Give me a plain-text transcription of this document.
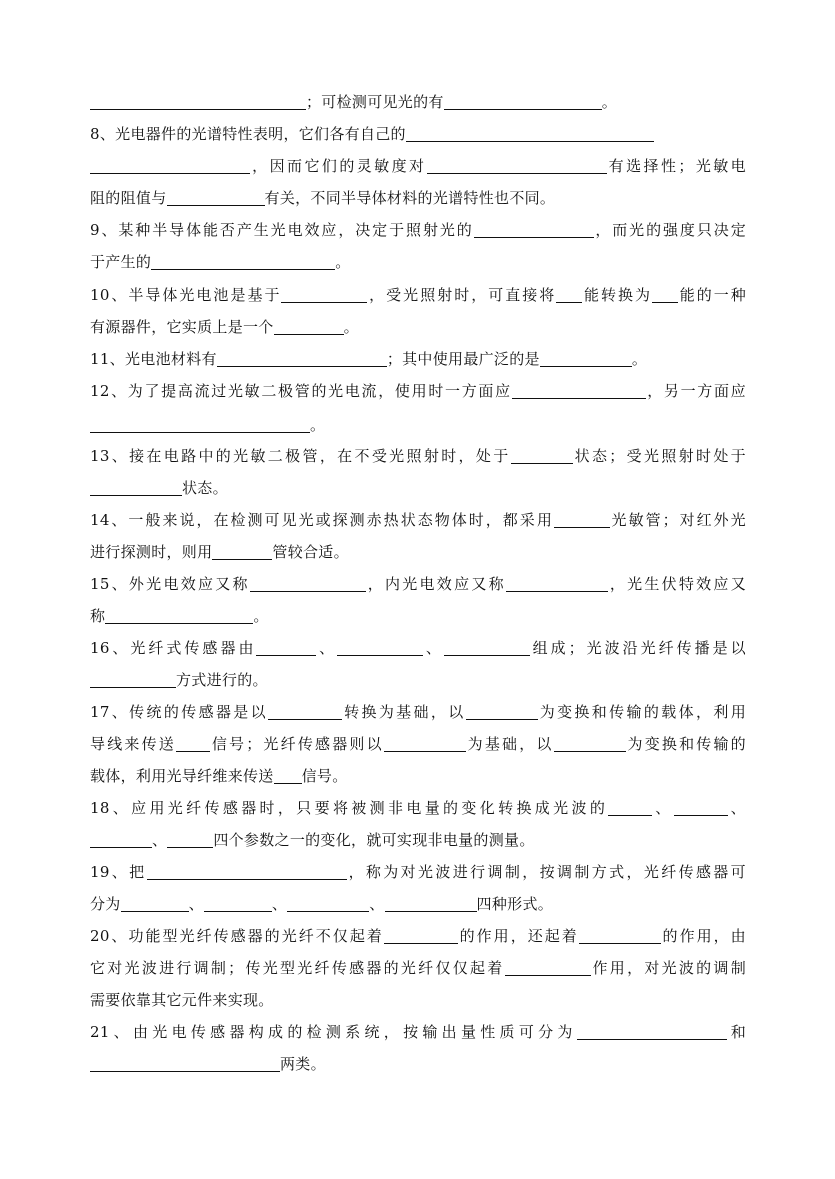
；可检测可见光的有	。
8、光电器件的光谱特性表明，它们各有自己的
，因而它们的灵敏度对	有选择性；光敏电
阻的阻值与	有关，不同半导体材料的光谱特性也不同。
9、某种半导体能否产生光电效应，决定于照射光的	，而光的强度只决定
于产生的	。
10、半导体光电池是基于	，受光照射时，可直接将 能转换为 能的一种
有源器件，它实质上是一个	。
11、光电池材料有	；其中使用最广泛的是	。
12、为了提高流过光敏二极管的光电流，使用时一方面应	，另一方面应
。
13、接在电路中的光敏二极管，在不受光照射时，处于	状态；受光照射时处于
状态。
14、一般来说，在检测可见光或探测赤热状态物体时，都采用	光敏管；对红外光
进行探测时，则用	管较合适。
15、外光电效应又称	，内光电效应又称	，光生伏特效应又
称	。
16、光纤式传感器由	、	、	组成；光波沿光纤传播是以
方式进行的。
17、传统的传感器是以	转换为基础，以	为变换和传输的载体，利用
导线来传送 信号；光纤传感器则以	为基础，以	为变换和传输的
载体，利用光导纤维来传送 信号。
18、应用光纤传感器时，只要将被测非电量的变化转换成光波的	、	、
、	四个参数之一的变化，就可实现非电量的测量。
19、把	，称为对光波进行调制，按调制方式，光纤传感器可
分为	、	、	、	四种形式。
20、功能型光纤传感器的光纤不仅起着	的作用，还起着	的作用，由
它对光波进行调制；传光型光纤传感器的光纤仅仅起着	作用，对光波的调制
需要依靠其它元件来实现。
21、由光电传感器构成的检测系统，按输出量性质可分为	和
两类。
